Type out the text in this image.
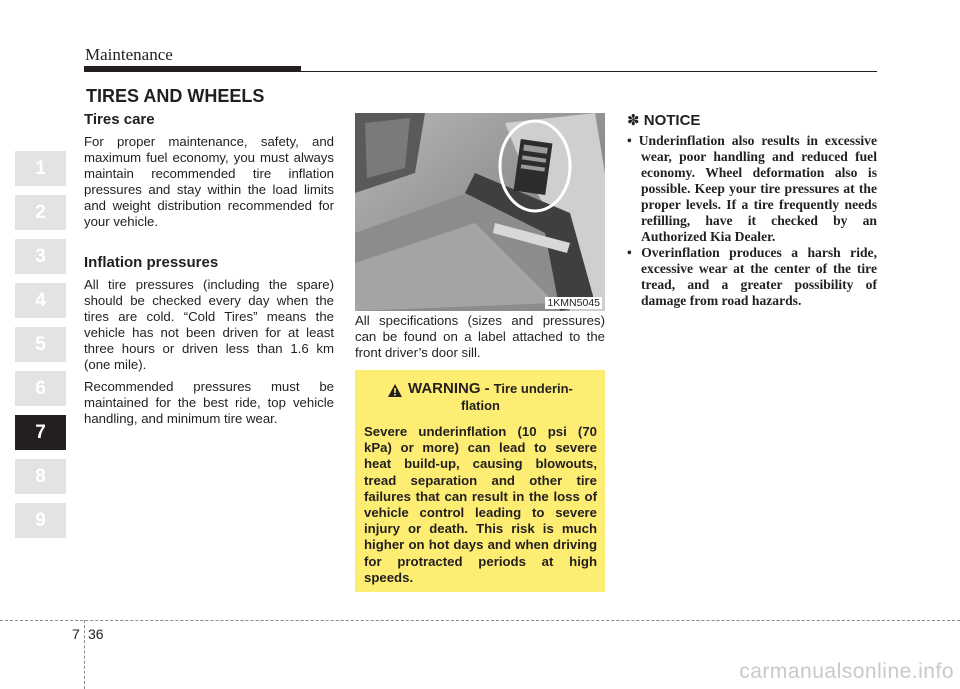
Maintenance
TIRES AND WHEELS
1
2
3
4
5
6
7
8
9
Tires care

For proper maintenance, safety, and maximum fuel economy, you must always maintain recommended tire inflation pressures and stay within the load limits and weight distribution recommended for your vehicle.

Inflation pressures

All tire pressures (including the spare) should be checked every day when the tires are cold. “Cold Tires” means the vehicle has not been driven for at least three hours or driven less than 1.6 km (one mile).

Recommended pressures must be maintained for the best ride, top vehicle handling, and minimum tire wear.

1KMN5045

All specifications (sizes and pressures) can be found on a label attached to the front driver’s door sill.

WARNING - Tire underin-
flation
Severe underinflation (10 psi (70 kPa) or more) can lead to severe heat build-up, causing blowouts, tread separation and other tire failures that can result in the loss of vehicle control leading to severe injury or death. This risk is much higher on hot days and when driving for protracted periods at high speeds.
✽ NOTICE
• Underinflation also results in excessive wear, poor handling and reduced fuel economy. Wheel deformation also is possible. Keep your tire pressures at the proper levels. If a tire frequently needs refilling, have it checked by an Authorized Kia Dealer.
• Overinflation produces a harsh ride, excessive wear at the center of the tire tread, and a greater possibility of damage from road hazards.
7 36
carmanualsonline.info
